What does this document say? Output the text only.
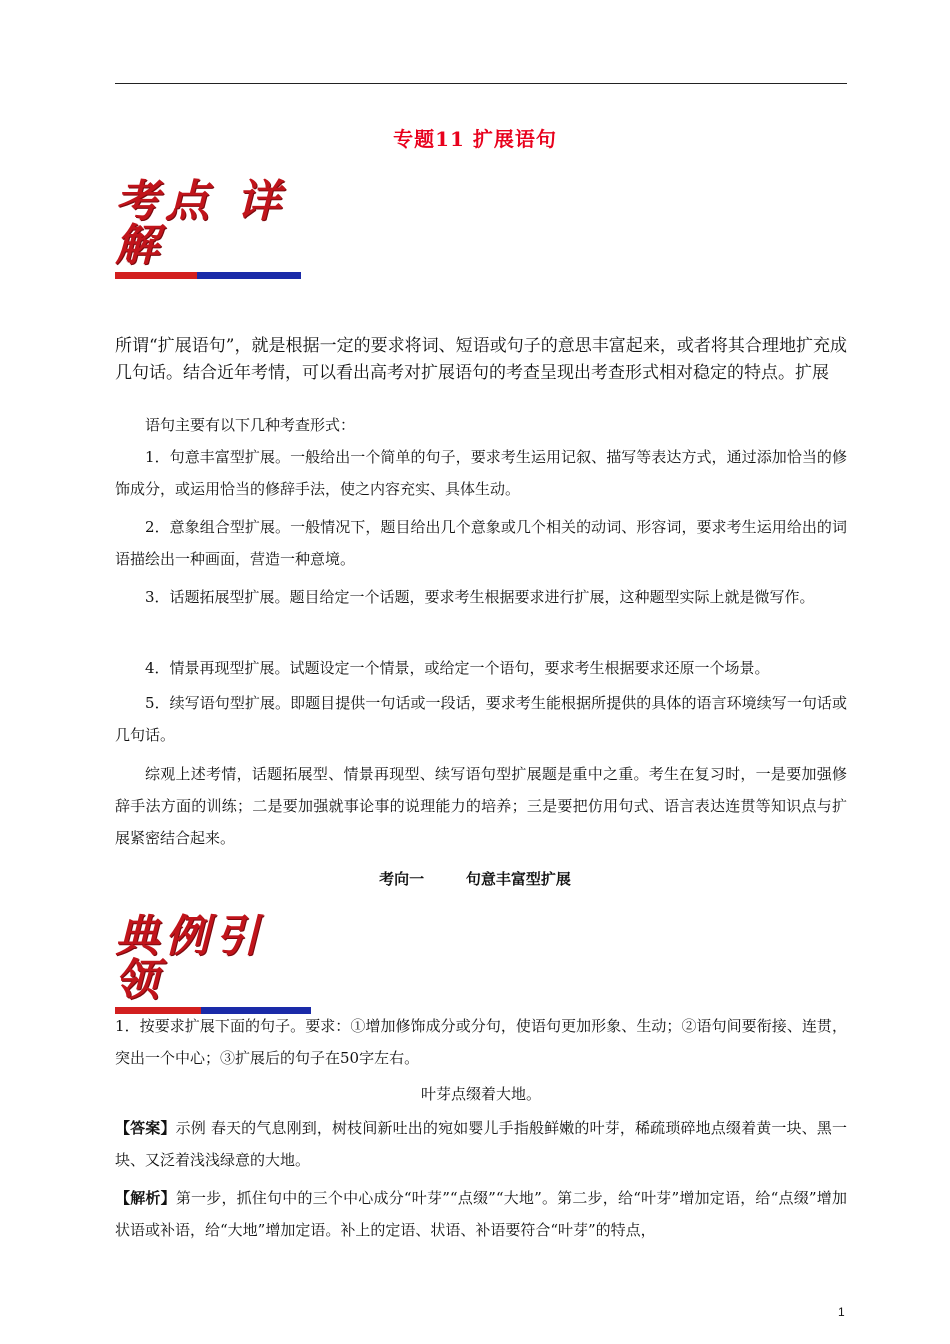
专题11 扩展语句
考点 详解
所谓“扩展语句”，就是根据一定的要求将词、短语或句子的意思丰富起来，或者将其合理地扩充成几句话。结合近年考情，可以看出高考对扩展语句的考查呈现出考查形式相对稳定的特点。扩展
语句主要有以下几种考查形式：
1．句意丰富型扩展。一般给出一个简单的句子，要求考生运用记叙、描写等表达方式，通过添加恰当的修饰成分，或运用恰当的修辞手法，使之内容充实、具体生动。
2．意象组合型扩展。一般情况下，题目给出几个意象或几个相关的动词、形容词，要求考生运用给出的词语描绘出一种画面，营造一种意境。
3．话题拓展型扩展。题目给定一个话题，要求考生根据要求进行扩展，这种题型实际上就是微写作。
4．情景再现型扩展。试题设定一个情景，或给定一个语句，要求考生根据要求还原一个场景。
5．续写语句型扩展。即题目提供一句话或一段话，要求考生能根据所提供的具体的语言环境续写一句话或几句话。
综观上述考情，话题拓展型、情景再现型、续写语句型扩展题是重中之重。考生在复习时，一是要加强修辞手法方面的训练；二是要加强就事论事的说理能力的培养；三是要把仿用句式、语言表达连贯等知识点与扩展紧密结合起来。
考向一	句意丰富型扩展
典例引领
1．按要求扩展下面的句子。要求：①增加修饰成分或分句，使语句更加形象、生动；②语句间要衔接、连贯，突出一个中心；③扩展后的句子在50字左右。
叶芽点缀着大地。
【答案】示例 春天的气息刚到，树枝间新吐出的宛如婴儿手指般鲜嫩的叶芽，稀疏琐碎地点缀着黄一块、黑一块、又泛着浅浅绿意的大地。
【解析】第一步，抓住句中的三个中心成分“叶芽”“点缀”“大地”。第二步，给“叶芽”增加定语，给“点缀”增加状语或补语，给“大地”增加定语。补上的定语、状语、补语要符合“叶芽”的特点，
1
